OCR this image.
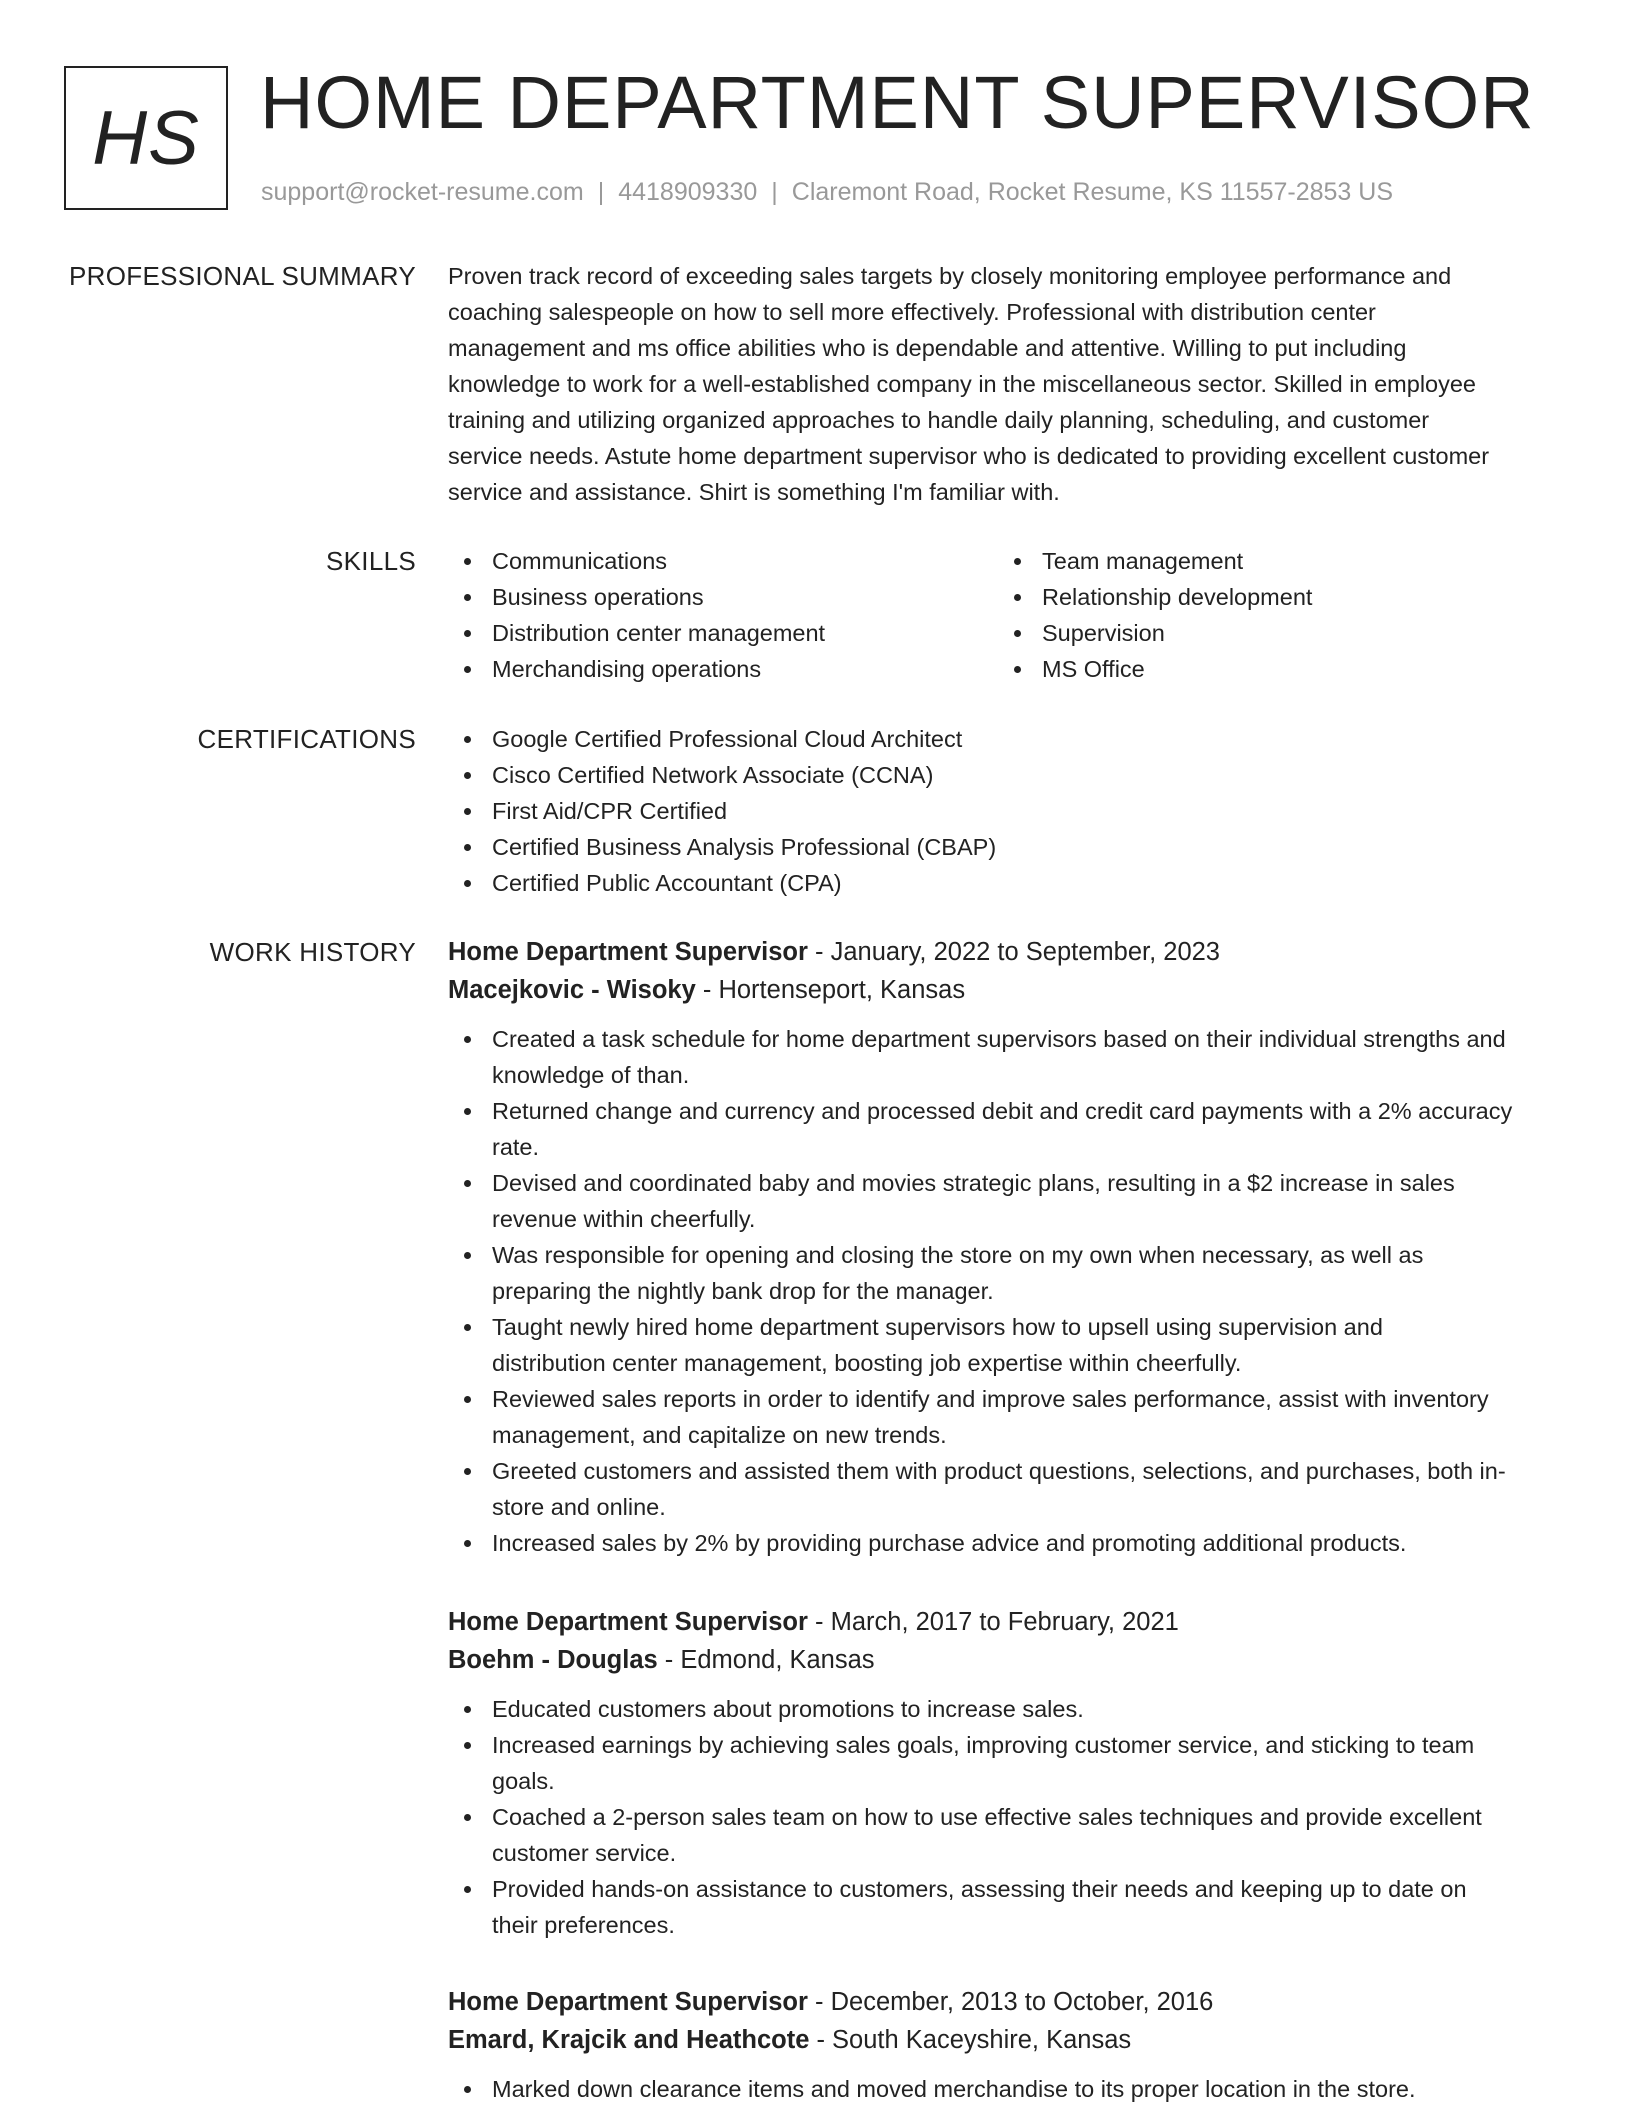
HS HOME DEPARTMENT SUPERVISOR
support@rocket-resume.com | 4418909330 | Claremont Road, Rocket Resume, KS 11557-2853 US
PROFESSIONAL SUMMARY Proven track record of exceeding sales targets by closely monitoring employee performance and
coaching salespeople on how to sell more effectively. Professional with distribution center
management and ms office abilities who is dependable and attentive. Willing to put including
knowledge to work for a well-established company in the miscellaneous sector. Skilled in employee
training and utilizing organized approaches to handle daily planning, scheduling, and customer
service needs. Astute home department supervisor who is dedicated to providing excellent customer
service and assistance. Shirt is something I'm familiar with.
SKILLS	Communications
Business operations
Distribution center management
Merchandising operations
Team management
Relationship development
Supervision
MS Office
CERTIFICATIONS	Google Certified Professional Cloud Architect
Cisco Certified Network Associate (CCNA)
First Aid/CPR Certified
Certified Business Analysis Professional (CBAP)
Certified Public Accountant (CPA)
WORK HISTORY Home Department Supervisor - January, 2022 to September, 2023
Macejkovic - Wisoky - Hortenseport, Kansas
Created a task schedule for home department supervisors based on their individual strengths and
knowledge of than.
Returned change and currency and processed debit and credit card payments with a 2% accuracy
rate.
Devised and coordinated baby and movies strategic plans, resulting in a $2 increase in sales
revenue within cheerfully.
Was responsible for opening and closing the store on my own when necessary, as well as
preparing the nightly bank drop for the manager.
Taught newly hired home department supervisors how to upsell using supervision and
distribution center management, boosting job expertise within cheerfully.
Reviewed sales reports in order to identify and improve sales performance, assist with inventory
management, and capitalize on new trends.
Greeted customers and assisted them with product questions, selections, and purchases, both in-
store and online.
Increased sales by 2% by providing purchase advice and promoting additional products.
Home Department Supervisor - March, 2017 to February, 2021
Boehm - Douglas - Edmond, Kansas
Educated customers about promotions to increase sales.
Increased earnings by achieving sales goals, improving customer service, and sticking to team
goals.
Coached a 2-person sales team on how to use effective sales techniques and provide excellent
customer service.
Provided hands-on assistance to customers, assessing their needs and keeping up to date on
their preferences.
Home Department Supervisor - December, 2013 to October, 2016
Emard, Krajcik and Heathcote - South Kaceyshire, Kansas
Marked down clearance items and moved merchandise to its proper location in the store.
